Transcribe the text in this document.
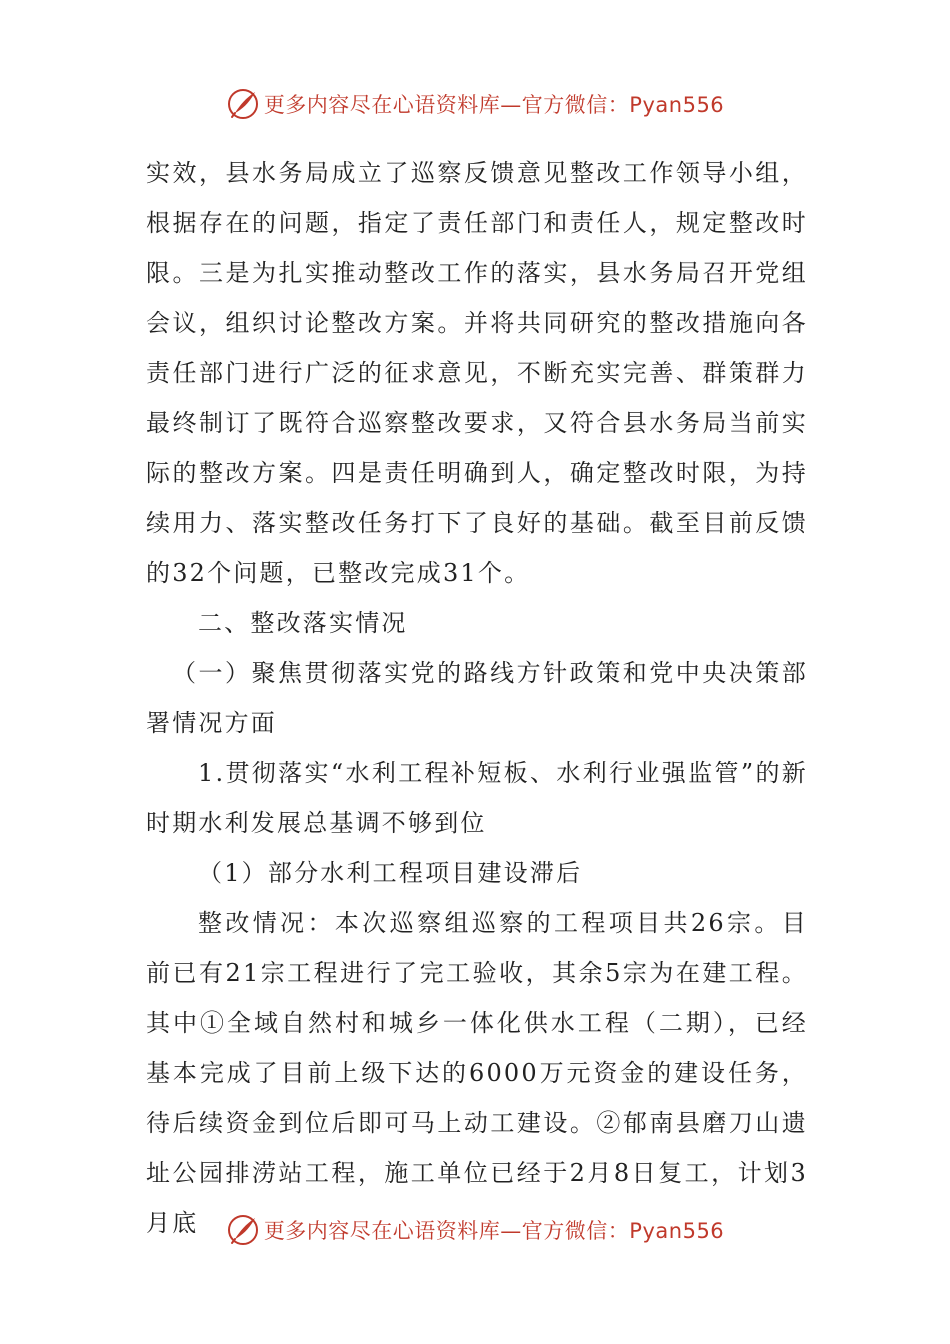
更多内容尽在心语资料库—官方微信：Pyan556

实效，县水务局成立了巡察反馈意见整改工作领导小组，根据存在的问题，指定了责任部门和责任人，规定整改时限。三是为扎实推动整改工作的落实，县水务局召开党组会议，组织讨论整改方案。并将共同研究的整改措施向各责任部门进行广泛的征求意见，不断充实完善、群策群力最终制订了既符合巡察整改要求，又符合县水务局当前实际的整改方案。四是责任明确到人，确定整改时限，为持续用力、落实整改任务打下了良好的基础。截至目前反馈的32个问题，已整改完成31个。

二、整改落实情况

（一）聚焦贯彻落实党的路线方针政策和党中央决策部署情况方面

1.贯彻落实“水利工程补短板、水利行业强监管”的新时期水利发展总基调不够到位

（1）部分水利工程项目建设滞后

整改情况：本次巡察组巡察的工程项目共26宗。目前已有21宗工程进行了完工验收，其余5宗为在建工程。其中①全域自然村和城乡一体化供水工程（二期），已经基本完成了目前上级下达的6000万元资金的建设任务，待后续资金到位后即可马上动工建设。②郁南县磨刀山遗址公园排涝站工程，施工单位已经于2月8日复工，计划3月底	更多内容尽在心语资料库—官方微信：Pyan556
